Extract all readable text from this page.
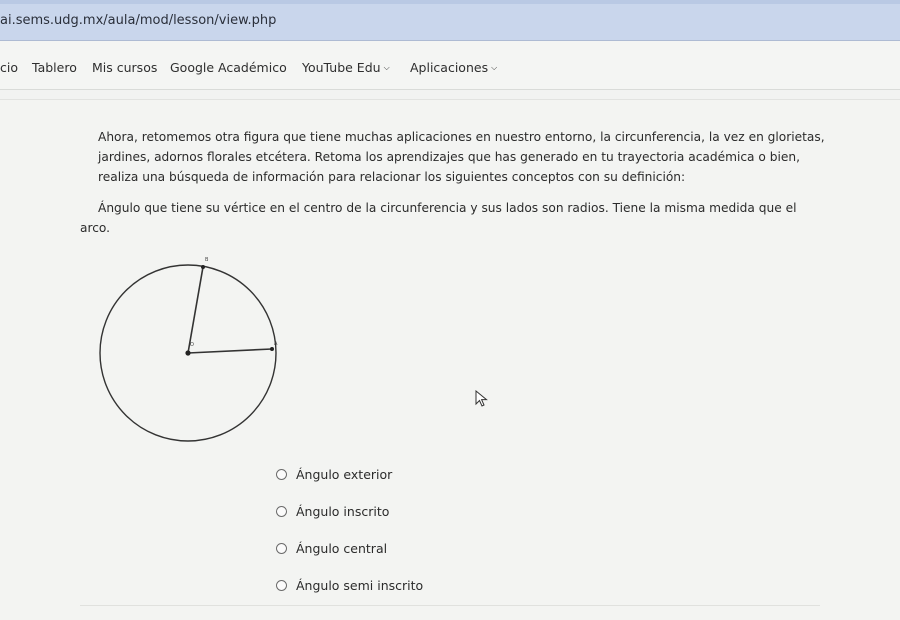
ai.sems.udg.mx/aula/mod/lesson/view.php
cio Tablero Mis cursos Google Académico YouTube Edu ⌵ Aplicaciones ⌵
Ahora, retomemos otra figura que tiene muchas aplicaciones en nuestro entorno, la circunferencia, la vez en glorietas, jardines, adornos florales etcétera. Retoma los aprendizajes que has generado en tu trayectoria académica o bien, realiza una búsqueda de información para relacionar los siguientes conceptos con su definición:
Ángulo que tiene su vértice en el centro de la circunferencia y sus lados son radios. Tiene la misma medida que el arco.
B
A
O
Ángulo exterior
Ángulo inscrito
Ángulo central
Ángulo semi inscrito
